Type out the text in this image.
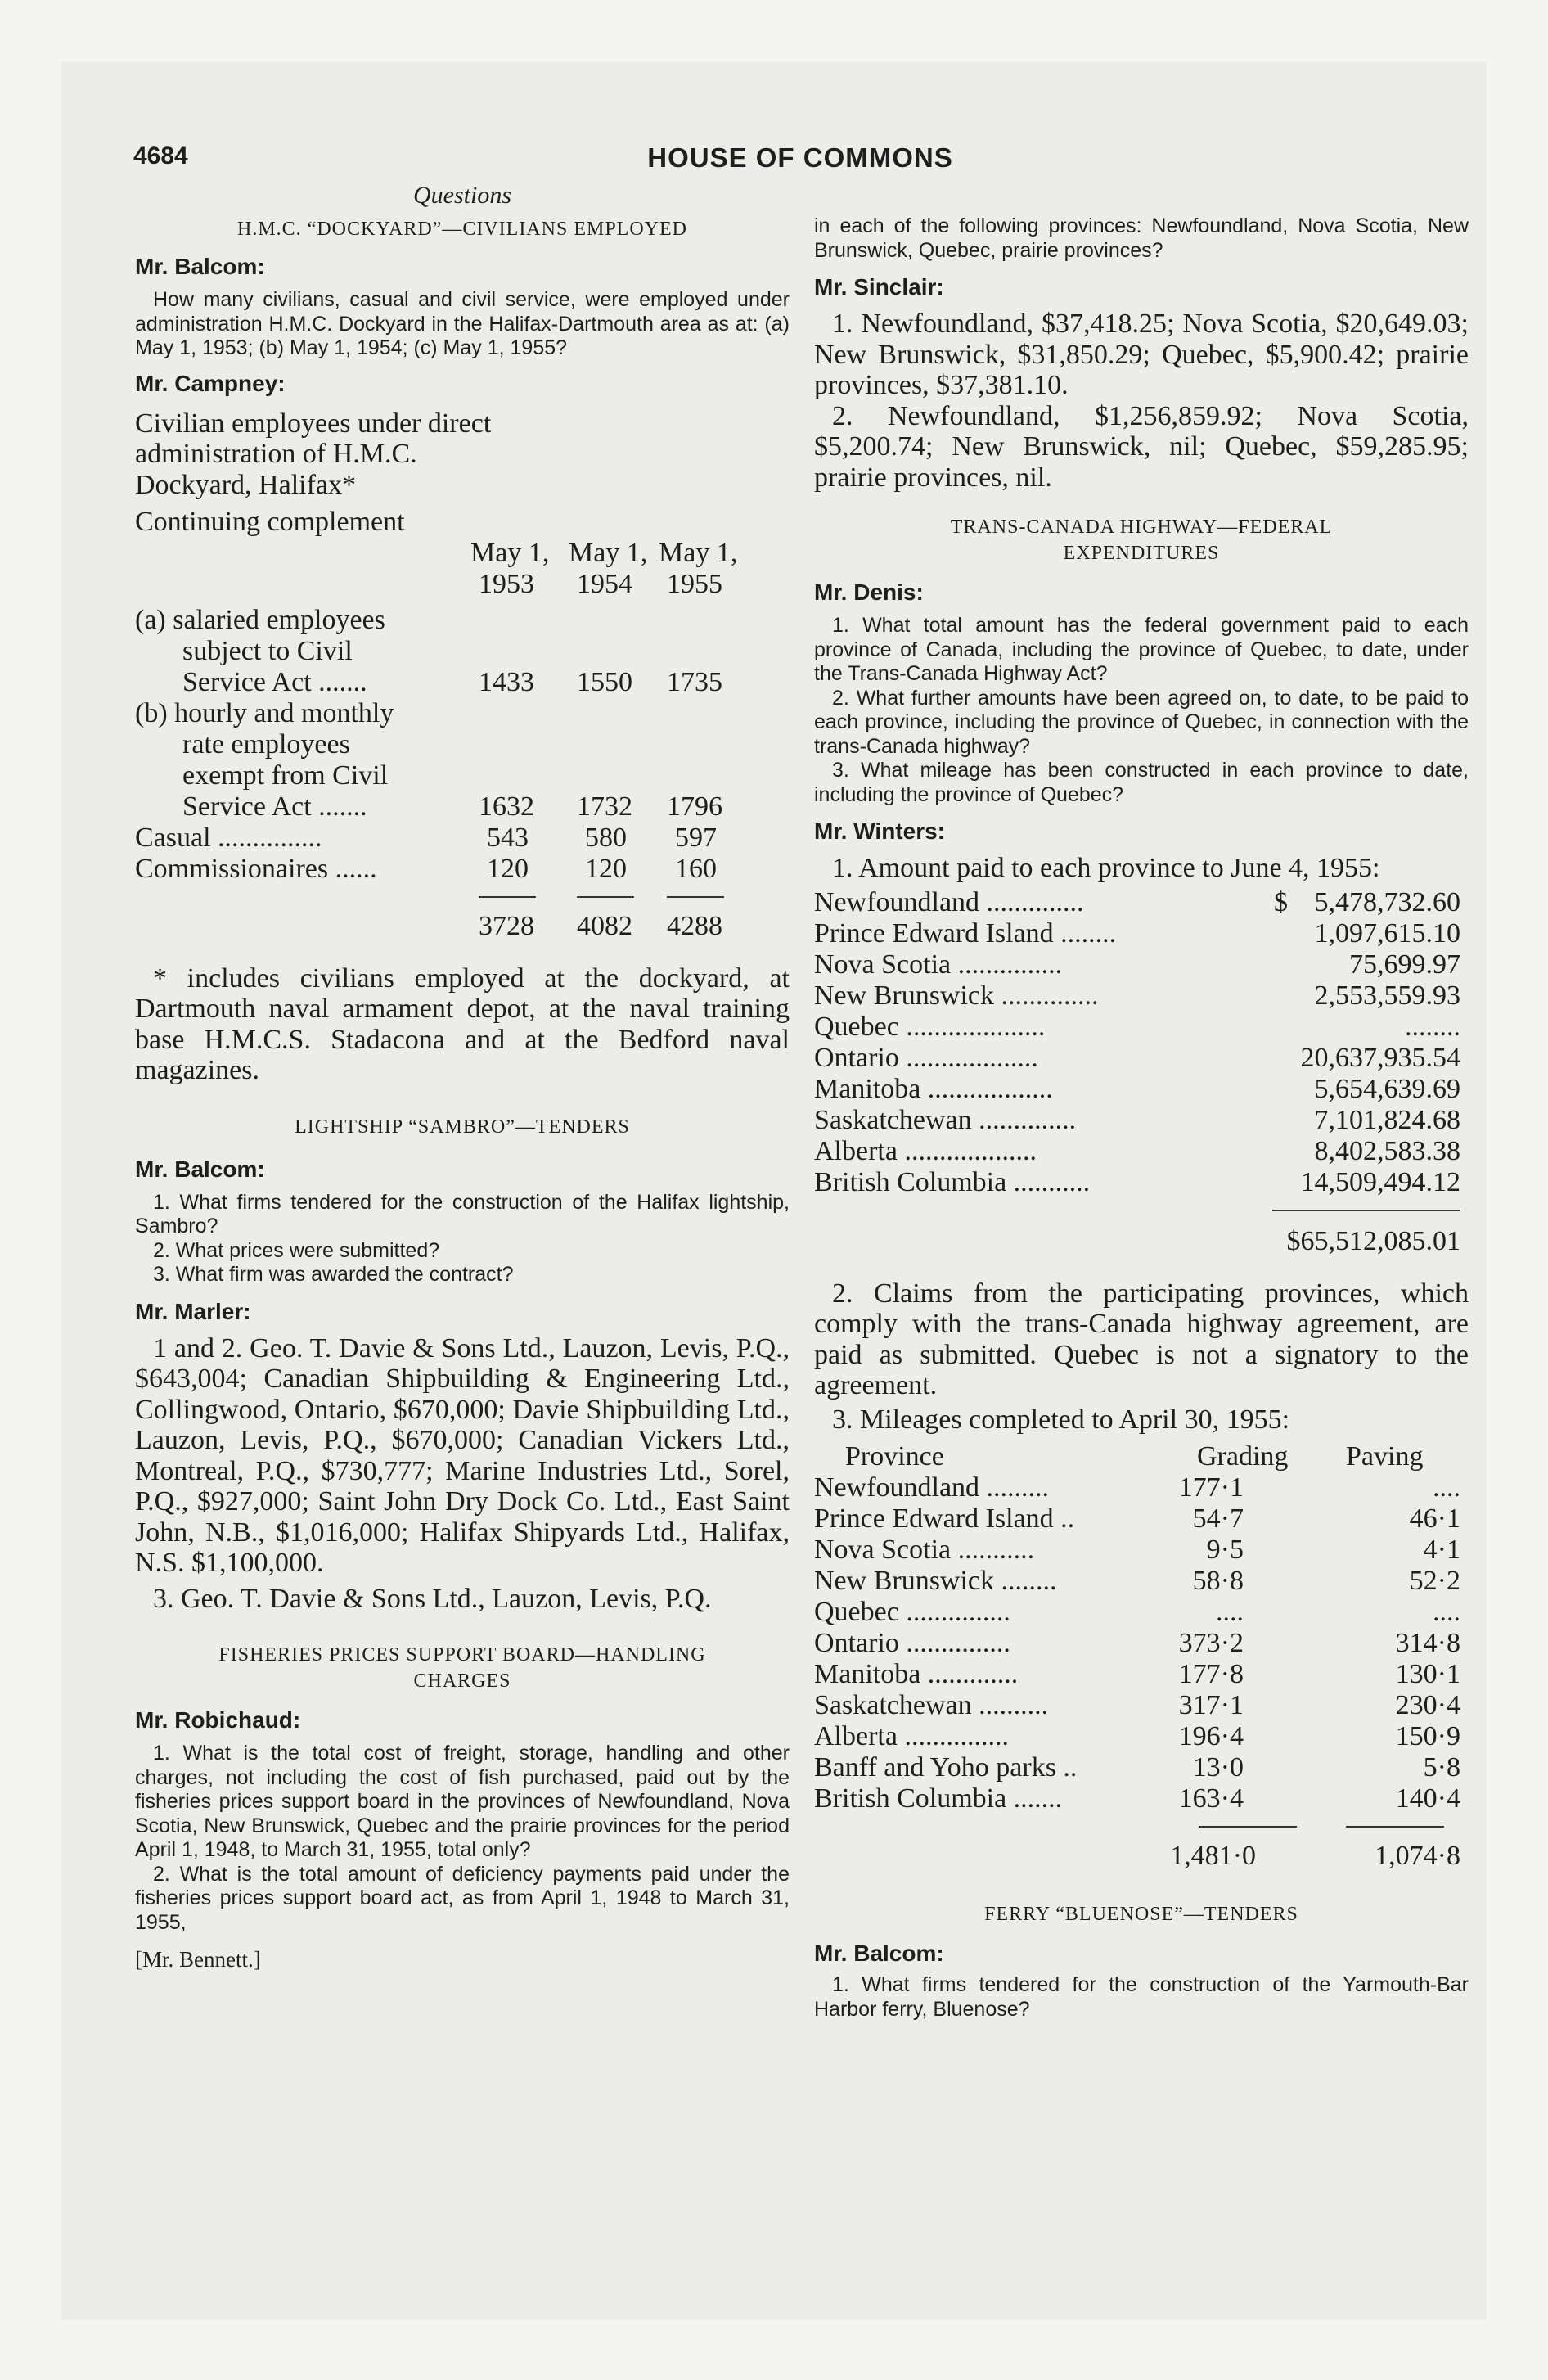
4684	HOUSE OF COMMONS

Questions

H.M.C. “DOCKYARD”—CIVILIANS EMPLOYED

Mr. Balcom:

How many civilians, casual and civil service, were employed under administration H.M.C. Dockyard in the Halifax-Dartmouth area as at: (a) May 1, 1953; (b) May 1, 1954; (c) May 1, 1955?

Mr. Campney:

Civilian employees under direct

administration of H.M.C.

Dockyard, Halifax*

Continuing complement

May 1, May 1, May 1,
1953 1954 1955
(a) salaried employees
subject to Civil
Service Act .......	1433 1550 1735
(b) hourly and monthly
rate employees
exempt from Civil
Service Act .......	1632 1732 1796
Casual ...............	543 580 597
Commissionaires ......	120 120 160
3728 4082 4288

* includes civilians employed at the dockyard, at Dartmouth naval armament depot, at the naval training base H.M.C.S. Stadacona and at the Bedford naval magazines.

LIGHTSHIP “SAMBRO”—TENDERS

Mr. Balcom:

1. What firms tendered for the construction of the Halifax lightship, Sambro?

2. What prices were submitted?

3. What firm was awarded the contract?

Mr. Marler:

1 and 2. Geo. T. Davie & Sons Ltd., Lauzon, Levis, P.Q., $643,004; Canadian Shipbuilding & Engineering Ltd., Collingwood, Ontario, $670,000; Davie Shipbuilding Ltd., Lauzon, Levis, P.Q., $670,000; Canadian Vickers Ltd., Montreal, P.Q., $730,777; Marine Industries Ltd., Sorel, P.Q., $927,000; Saint John Dry Dock Co. Ltd., East Saint John, N.B., $1,016,000; Halifax Shipyards Ltd., Halifax, N.S. $1,100,000.

3. Geo. T. Davie & Sons Ltd., Lauzon, Levis, P.Q.

FISHERIES PRICES SUPPORT BOARD—HANDLING

CHARGES

Mr. Robichaud:

1. What is the total cost of freight, storage, handling and other charges, not including the cost of fish purchased, paid out by the fisheries prices support board in the provinces of Newfoundland, Nova Scotia, New Brunswick, Quebec and the prairie provinces for the period April 1, 1948, to March 31, 1955, total only?

2. What is the total amount of deficiency payments paid under the fisheries prices support board act, as from April 1, 1948 to March 31, 1955,

[Mr. Bennett.]

in each of the following provinces: Newfoundland, Nova Scotia, New Brunswick, Quebec, prairie provinces?

Mr. Sinclair:

1. Newfoundland, $37,418.25; Nova Scotia, $20,649.03; New Brunswick, $31,850.29; Quebec, $5,900.42; prairie provinces, $37,381.10.

2. Newfoundland, $1,256,859.92; Nova Scotia, $5,200.74; New Brunswick, nil; Quebec, $59,285.95; prairie provinces, nil.

TRANS-CANADA HIGHWAY—FEDERAL

EXPENDITURES

Mr. Denis:

1. What total amount has the federal government paid to each province of Canada, including the province of Quebec, to date, under the Trans-Canada Highway Act?

2. What further amounts have been agreed on, to date, to be paid to each province, including the province of Quebec, in connection with the trans-Canada highway?

3. What mileage has been constructed in each province to date, including the province of Quebec?

Mr. Winters:

1. Amount paid to each province to June 4, 1955:

Newfoundland ..............	$ 5,478,732.60
Prince Edward Island ........	1,097,615.10
Nova Scotia ...............	75,699.97
New Brunswick ..............	2,553,559.93
Quebec ....................	........
Ontario ...................	20,637,935.54
Manitoba ..................	5,654,639.69
Saskatchewan ..............	7,101,824.68
Alberta ...................	8,402,583.38
British Columbia ...........	14,509,494.12
$65,512,085.01

2. Claims from the participating provinces, which comply with the trans-Canada highway agreement, are paid as submitted. Quebec is not a signatory to the agreement.

3. Mileages completed to April 30, 1955:

Province	Grading Paving
Newfoundland .........	177·1	....
Prince Edward Island ..	54·7	46·1
Nova Scotia ...........	9·5	4·1
New Brunswick ........	58·8	52·2
Quebec ...............	....	....
Ontario ...............	373·2	314·8
Manitoba .............	177·8	130·1
Saskatchewan ..........	317·1	230·4
Alberta ...............	196·4	150·9
Banff and Yoho parks ..	13·0	5·8
British Columbia .......	163·4	140·4
1,481·0	1,074·8

FERRY “BLUENOSE”—TENDERS

Mr. Balcom:

1. What firms tendered for the construction of the Yarmouth-Bar Harbor ferry, Bluenose?
